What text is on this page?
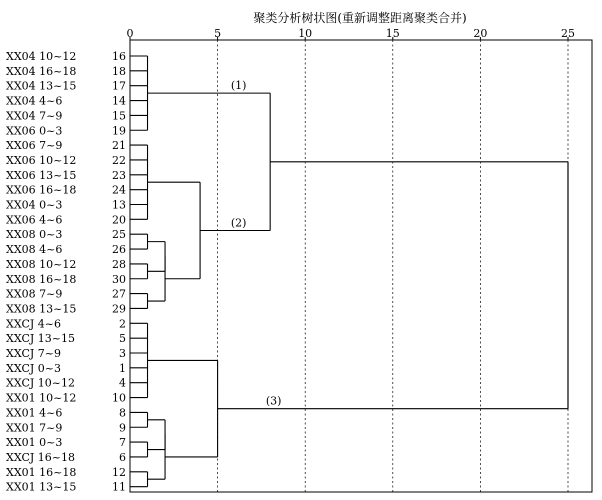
聚类分析树状图(重新调整距离聚类合并)
0	5	10	15	20	25
XX04 10~12	16
XX04 16~18	18
XX04 13~15	17
XX04 4~6	14
XX04 7~9	15
XX06 0~3	19
XX06 7~9	21
XX06 10~12	22
XX06 13~15	23
XX06 16~18	24
XX04 0~3	13
XX06 4~6	20
XX08 0~3	25
XX08 4~6	26
XX08 10~12	28
XX08 16~18	30
XX08 7~9	27
XX08 13~15	29
XXCJ 4~6	2
XXCJ 13~15	5
XXCJ 7~9	3
XXCJ 0~3	1
XXCJ 10~12	4
XX01 10~12	10
XX01 4~6	8
XX01 7~9	9
XX01 0~3	7
XXCJ 16~18	6
XX01 16~18	12
XX01 13~15	11
(1)
(2)
(3)
